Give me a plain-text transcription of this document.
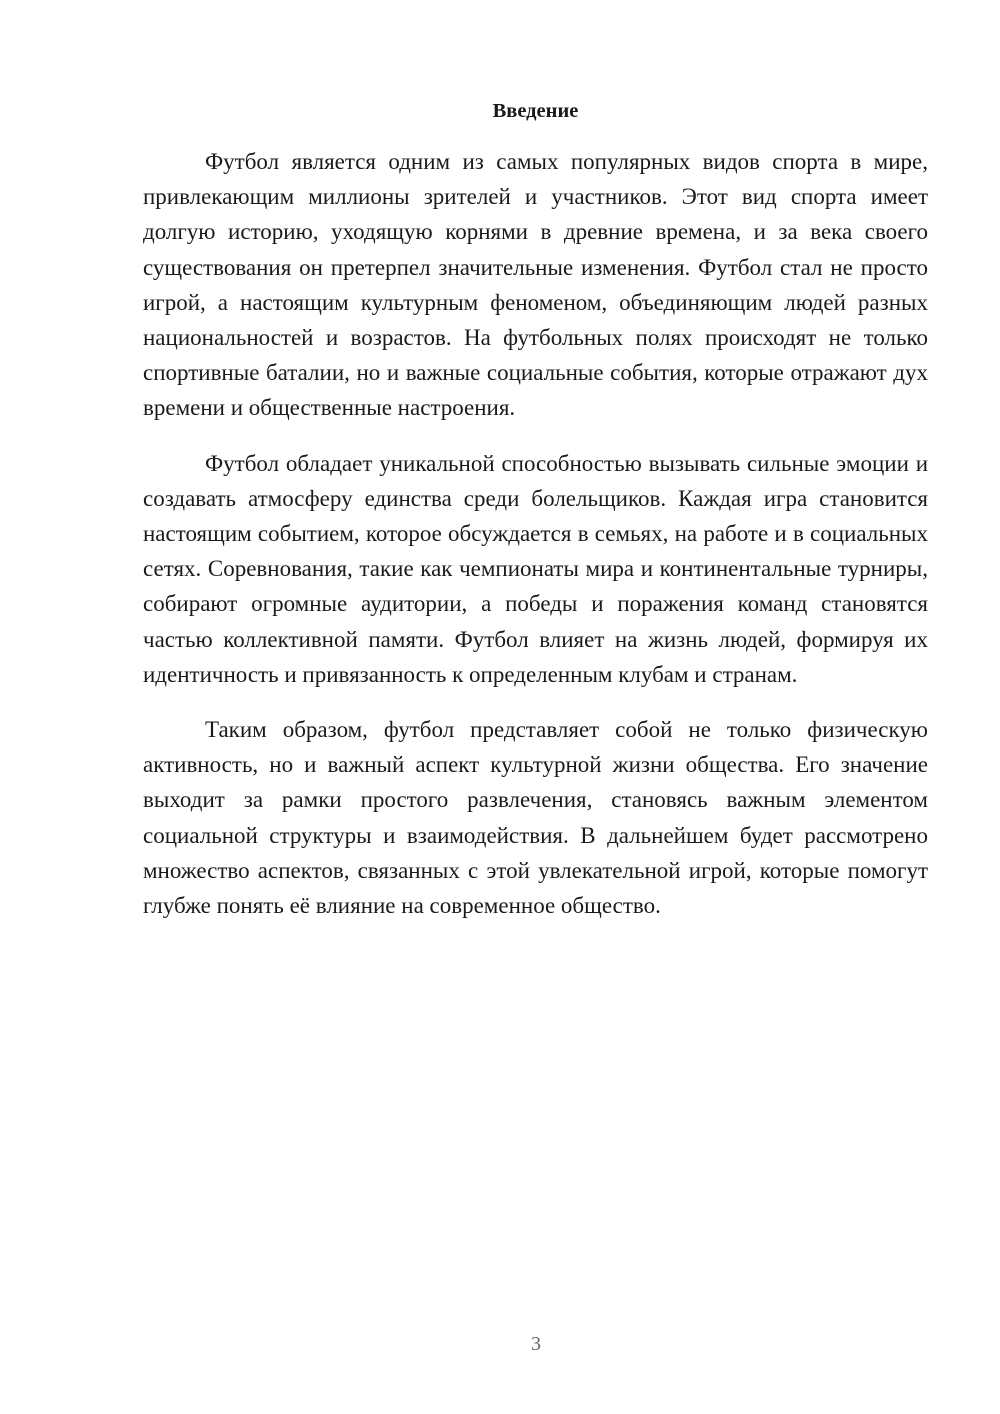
Введение

Футбол является одним из самых популярных видов спорта в мире, привлекающим миллионы зрителей и участников. Этот вид спорта имеет долгую историю, уходящую корнями в древние времена, и за века своего существования он претерпел значительные изменения. Футбол стал не просто игрой, а настоящим культурным феноменом, объединяющим людей разных национальностей и возрастов. На футбольных полях происходят не только спортивные баталии, но и важные социальные события, которые отражают дух времени и общественные настроения.

Футбол обладает уникальной способностью вызывать сильные эмоции и создавать атмосферу единства среди болельщиков. Каждая игра становится настоящим событием, которое обсуждается в семьях, на работе и в социальных сетях. Соревнования, такие как чемпионаты мира и континентальные турниры, собирают огромные аудитории, а победы и поражения команд становятся частью коллективной памяти. Футбол влияет на жизнь людей, формируя их идентичность и привязанность к определенным клубам и странам.

Таким образом, футбол представляет собой не только физическую активность, но и важный аспект культурной жизни общества. Его значение выходит за рамки простого развлечения, становясь важным элементом социальной структуры и взаимодействия. В дальнейшем будет рассмотрено множество аспектов, связанных с этой увлекательной игрой, которые помогут глубже понять её влияние на современное общество.

3
